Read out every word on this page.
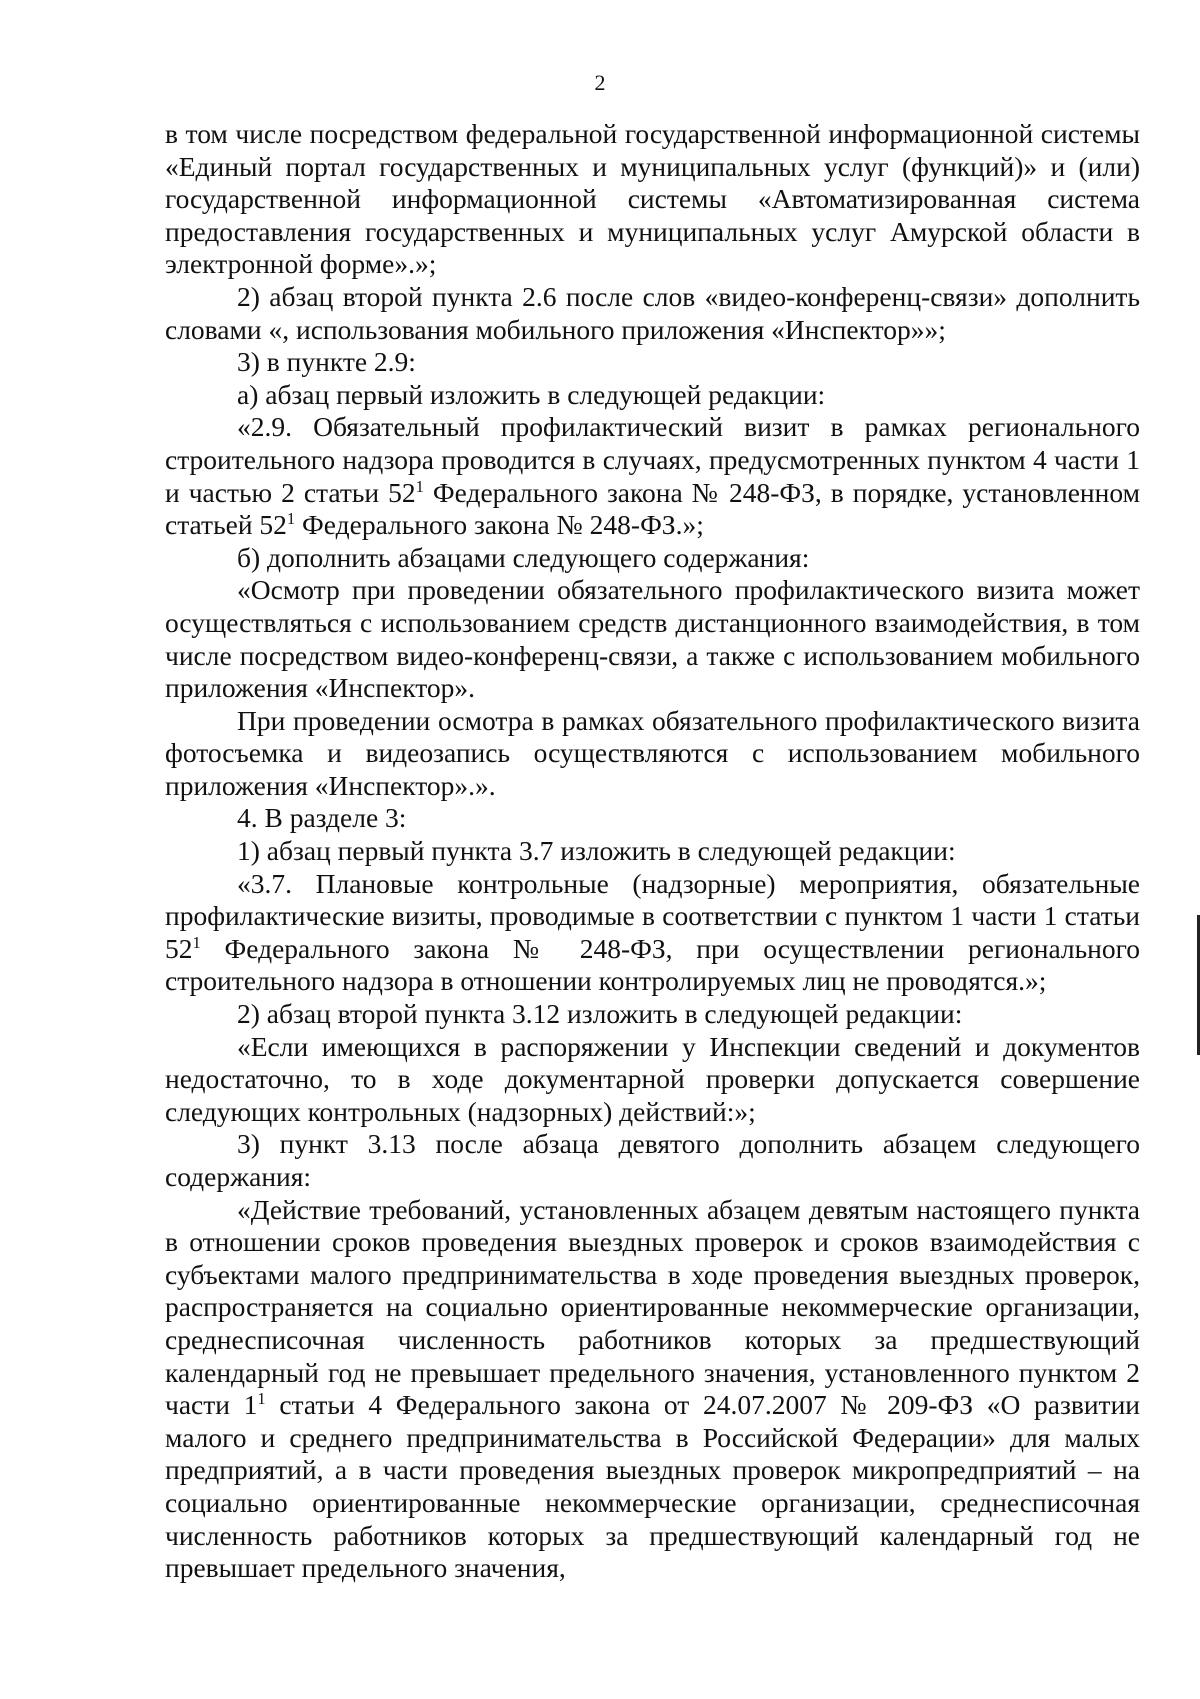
2

в том числе посредством федеральной государственной информационной системы «Единый портал государственных и муниципальных услуг (функций)» и (или) государственной информационной системы «Автоматизированная система предоставления государственных и муниципальных услуг Амурской области в электронной форме».»;

2) абзац второй пункта 2.6 после слов «видео-конференц-связи» дополнить словами «, использования мобильного приложения «Инспектор»»;

3) в пункте 2.9:

а) абзац первый изложить в следующей редакции:

«2.9. Обязательный профилактический визит в рамках регионального строительного надзора проводится в случаях, предусмотренных пунктом 4 части 1 и частью 2 статьи $52^1$ Федерального закона № 248-ФЗ, в порядке, установленном статьей $52^1$ Федерального закона № 248-ФЗ.»;

б) дополнить абзацами следующего содержания:

«Осмотр при проведении обязательного профилактического визита может осуществляться с использованием средств дистанционного взаимодействия, в том числе посредством видео-конференц-связи, а также с использованием мобильного приложения «Инспектор».

При проведении осмотра в рамках обязательного профилактического визита фотосъемка и видеозапись осуществляются с использованием мобильного приложения «Инспектор».».

4. В разделе 3:

1) абзац первый пункта 3.7 изложить в следующей редакции:

«3.7. Плановые контрольные (надзорные) мероприятия, обязательные профилактические визиты, проводимые в соответствии с пунктом 1 части 1 статьи $52^1$ Федерального закона № 248-ФЗ, при осуществлении регионального строительного надзора в отношении контролируемых лиц не проводятся.»;

2) абзац второй пункта 3.12 изложить в следующей редакции:

«Если имеющихся в распоряжении у Инспекции сведений и документов недостаточно, то в ходе документарной проверки допускается совершение следующих контрольных (надзорных) действий:»;

3) пункт 3.13 после абзаца девятого дополнить абзацем следующего содержания:

«Действие требований, установленных абзацем девятым настоящего пункта в отношении сроков проведения выездных проверок и сроков взаимодействия с субъектами малого предпринимательства в ходе проведения выездных проверок, распространяется на социально ориентированные некоммерческие организации, среднесписочная численность работников которых за предшествующий календарный год не превышает предельного значения, установленного пунктом 2 части $1^1$ статьи 4 Федерального закона от 24.07.2007 № 209-ФЗ «О развитии малого и среднего предпринимательства в Российской Федерации» для малых предприятий, а в части проведения выездных проверок микропредприятий – на социально ориентированные некоммерческие организации, среднесписочная численность работников которых за предшествующий календарный год не превышает предельного значения,
